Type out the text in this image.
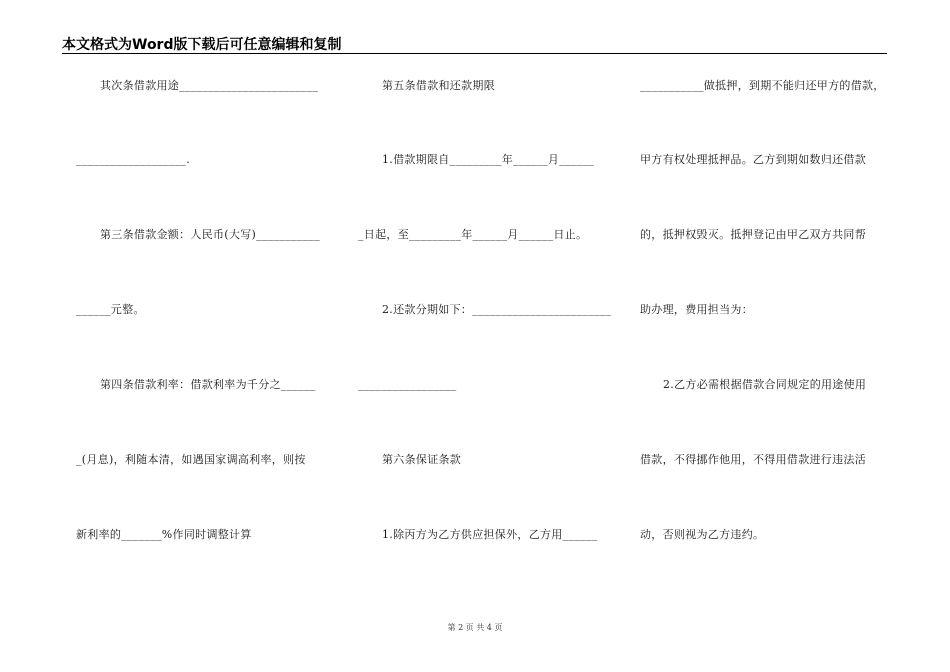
本文格式为Word版下载后可任意编辑和复制
其次条借款用途________________________
___________________.
第三条借款金额：人民币(大写)___________
______元整。
第四条借款利率：借款利率为千分之______
_(月息)，利随本清，如遇国家调高利率，则按
新利率的_______%作同时调整计算
第五条借款和还款期限
1.借款期限自_________年______月______
_日起，至_________年______月______日止。
2.还款分期如下：________________________
_________________
第六条保证条款
1.除丙方为乙方供应担保外，乙方用______
___________做抵押，到期不能归还甲方的借款，
甲方有权处理抵押品。乙方到期如数归还借款
的，抵押权毁灭。抵押登记由甲乙双方共同帮
助办理，费用担当为：
2.乙方必需根据借款合同规定的用途使用
借款，不得挪作他用，不得用借款进行违法活
动，否则视为乙方违约。
第 2 页 共 4 页
